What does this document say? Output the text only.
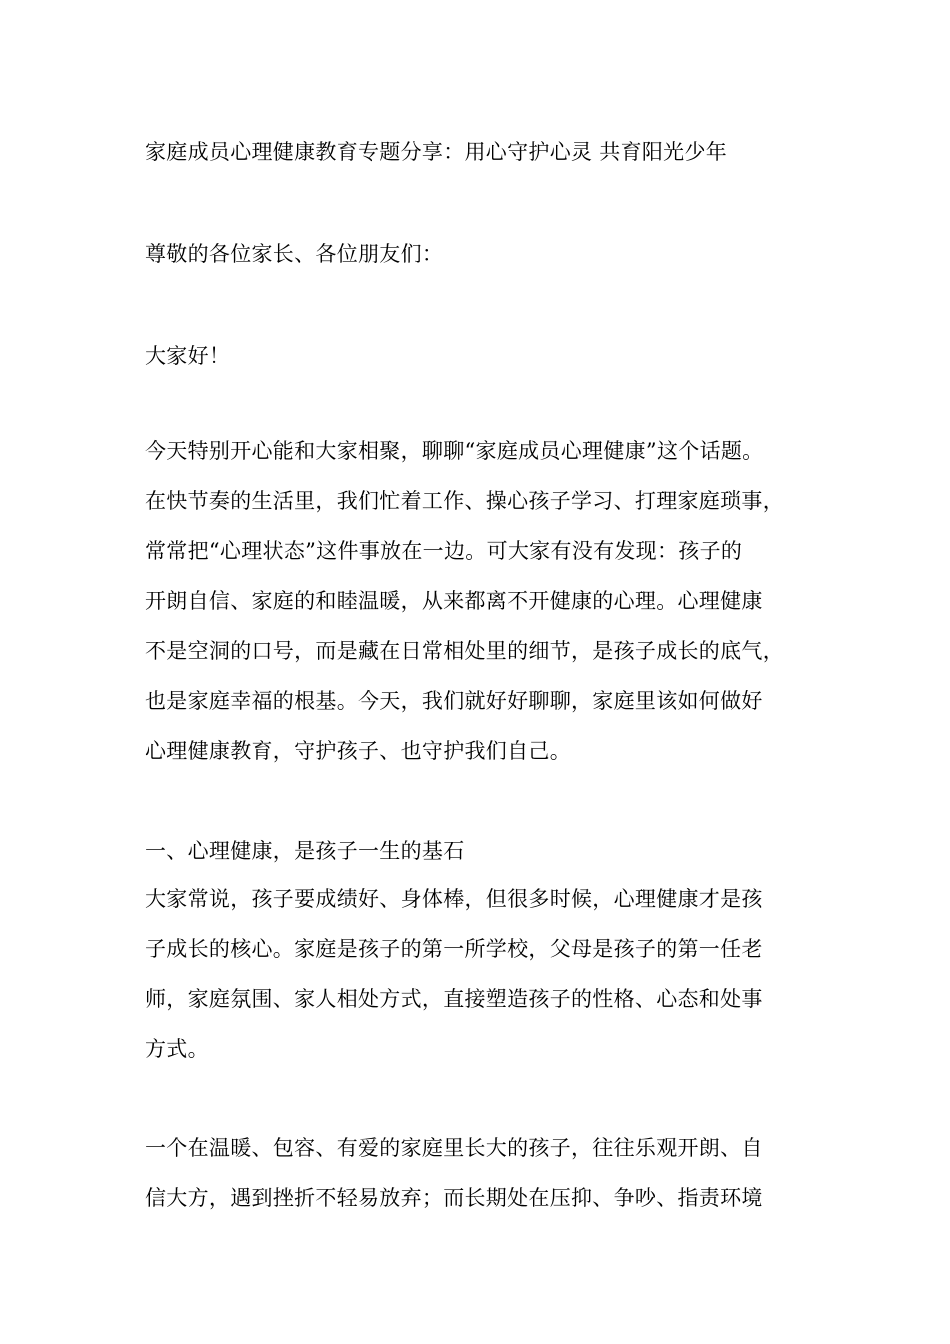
家庭成员心理健康教育专题分享：用心守护心灵 共育阳光少年
尊敬的各位家长、各位朋友们：
大家好！
今天特别开心能和大家相聚，聊聊“家庭成员心理健康”这个话题。
在快节奏的生活里，我们忙着工作、操心孩子学习、打理家庭琐事，
常常把“心理状态”这件事放在一边。可大家有没有发现：孩子的
开朗自信、家庭的和睦温暖，从来都离不开健康的心理。心理健康
不是空洞的口号，而是藏在日常相处里的细节，是孩子成长的底气，
也是家庭幸福的根基。今天，我们就好好聊聊，家庭里该如何做好
心理健康教育，守护孩子、也守护我们自己。
一、心理健康，是孩子一生的基石
大家常说，孩子要成绩好、身体棒，但很多时候，心理健康才是孩
子成长的核心。家庭是孩子的第一所学校，父母是孩子的第一任老
师，家庭氛围、家人相处方式，直接塑造孩子的性格、心态和处事
方式。
一个在温暖、包容、有爱的家庭里长大的孩子，往往乐观开朗、自
信大方，遇到挫折不轻易放弃；而长期处在压抑、争吵、指责环境
